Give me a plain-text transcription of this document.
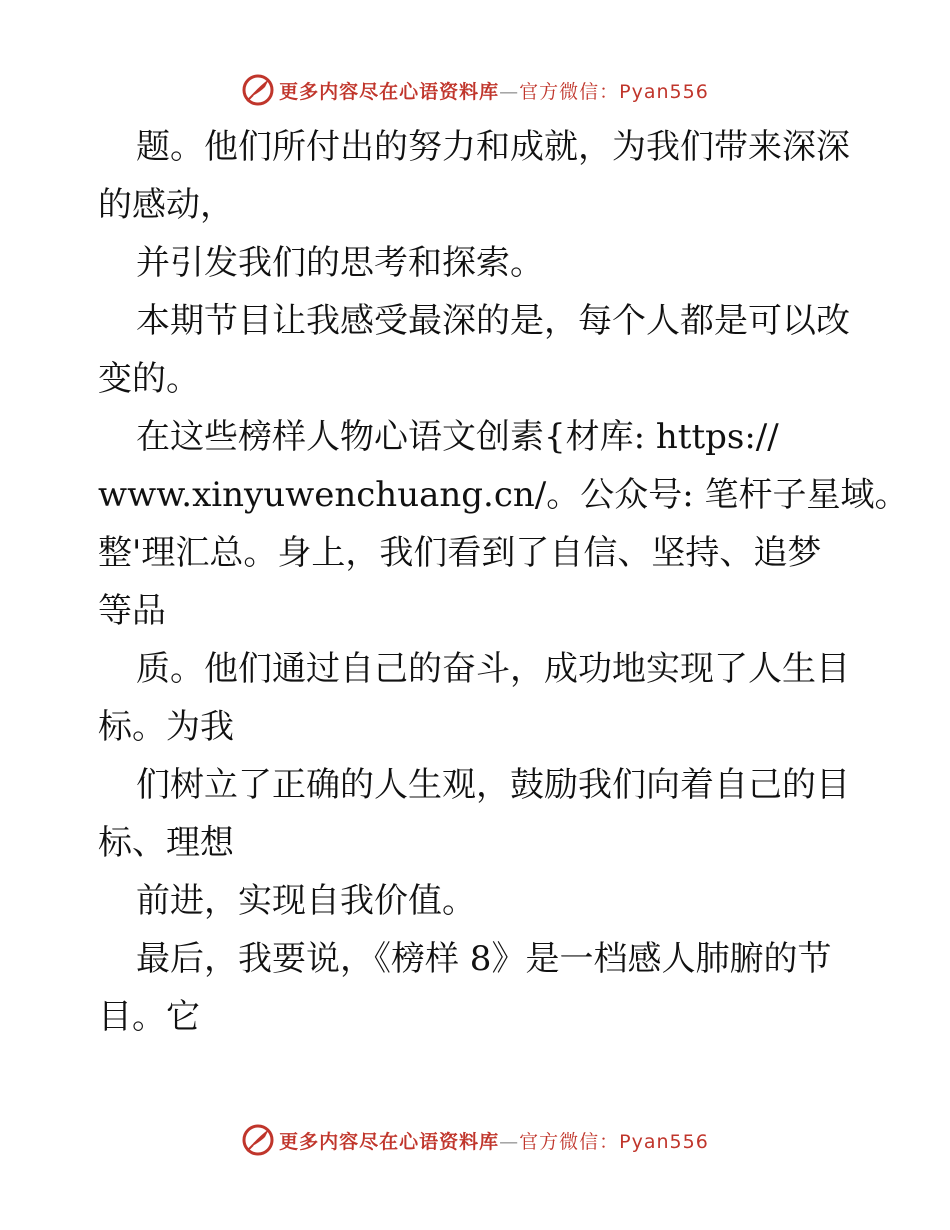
更多内容尽在心语资料库—官方微信：Pyan556

题。他们所付出的努力和成就，为我们带来深深

的感动，

并引发我们的思考和探索。

本期节目让我感受最深的是，每个人都是可以改

变的。

在这些榜样人物心语文创素{材库: https://

www.xinyuwenchuang.cn/。公众号: 笔杆子星域。

整'理汇总。身上，我们看到了自信、坚持、追梦

等品

质。他们通过自己的奋斗，成功地实现了人生目

标。为我

们树立了正确的人生观，鼓励我们向着自己的目

标、理想

前进，实现自我价值。

最后，我要说，《榜样 8》是一档感人肺腑的节

目。它

更多内容尽在心语资料库—官方微信：Pyan556
